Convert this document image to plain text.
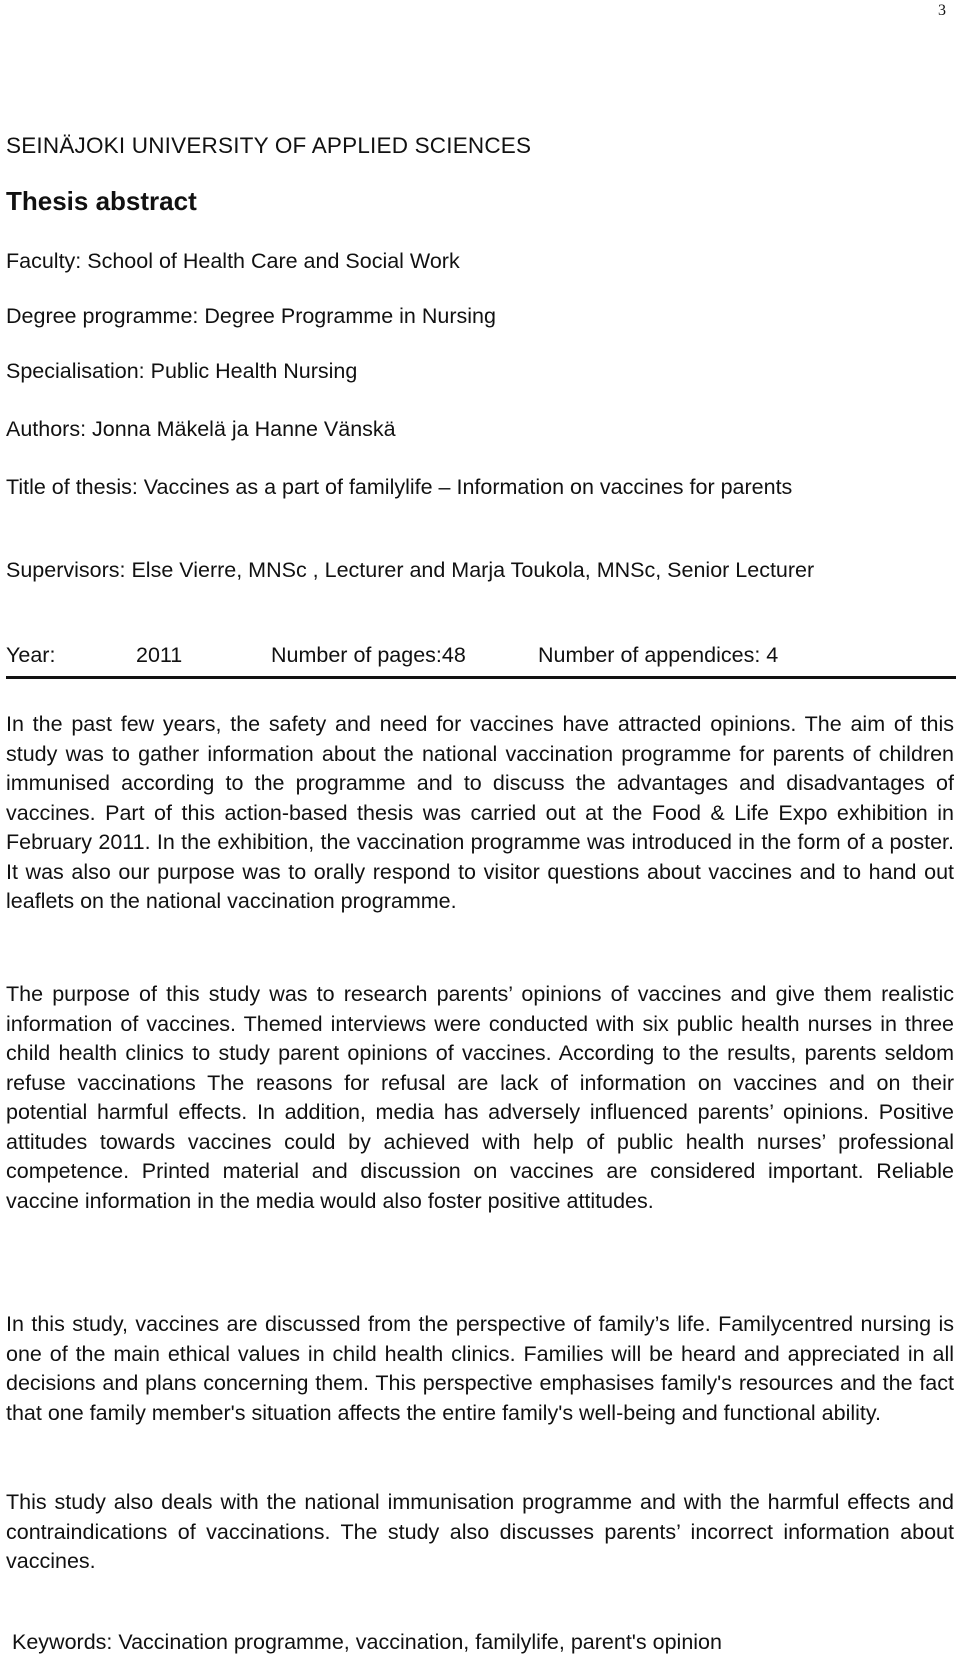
3
SEINÄJOKI UNIVERSITY OF APPLIED SCIENCES
Thesis abstract
Faculty: School of Health Care and Social Work
Degree programme: Degree Programme in Nursing
Specialisation: Public Health Nursing
Authors: Jonna Mäkelä ja Hanne Vänskä
Title of thesis: Vaccines as a part of familylife – Information on vaccines for parents
Supervisors: Else Vierre, MNSc , Lecturer and Marja Toukola, MNSc, Senior Lecturer
Year:	2011	Number of pages:48	Number of appendices: 4
In the past few years, the safety and need for vaccines have attracted opinions. The aim of this study was to gather information about the national vaccination programme for parents of children immunised according to the programme and to discuss the advantages and disadvantages of vaccines. Part of this action-based thesis was carried out at the Food & Life Expo exhibition in February 2011. In the exhibition, the vaccination programme was introduced in the form of a poster. It was also our purpose was to orally respond to visitor questions about vaccines and to hand out leaflets on the national vaccination programme.
The purpose of this study was to research parents’ opinions of vaccines and give them realistic information of vaccines. Themed interviews were conducted with six public health nurses in three child health clinics to study parent opinions of vaccines. According to the results, parents seldom refuse vaccinations The reasons for refusal are lack of information on vaccines and on their potential harmful effects. In addition, media has adversely influenced parents’ opinions. Positive attitudes towards vaccines could by achieved with help of public health nurses’ professional competence. Printed material and discussion on vaccines are considered important. Reliable vaccine information in the media would also foster positive attitudes.
In this study, vaccines are discussed from the perspective of family’s life. Familycentred nursing is one of the main ethical values in child health clinics. Families will be heard and appreciated in all decisions and plans concerning them. This perspective emphasises family's resources and the fact that one family member's situation affects the entire family's well-being and functional ability.
This study also deals with the national immunisation programme and with the harmful effects and contraindications of vaccinations. The study also discusses parents’ incorrect information about vaccines.
Keywords: Vaccination programme, vaccination, familylife, parent's opinion
